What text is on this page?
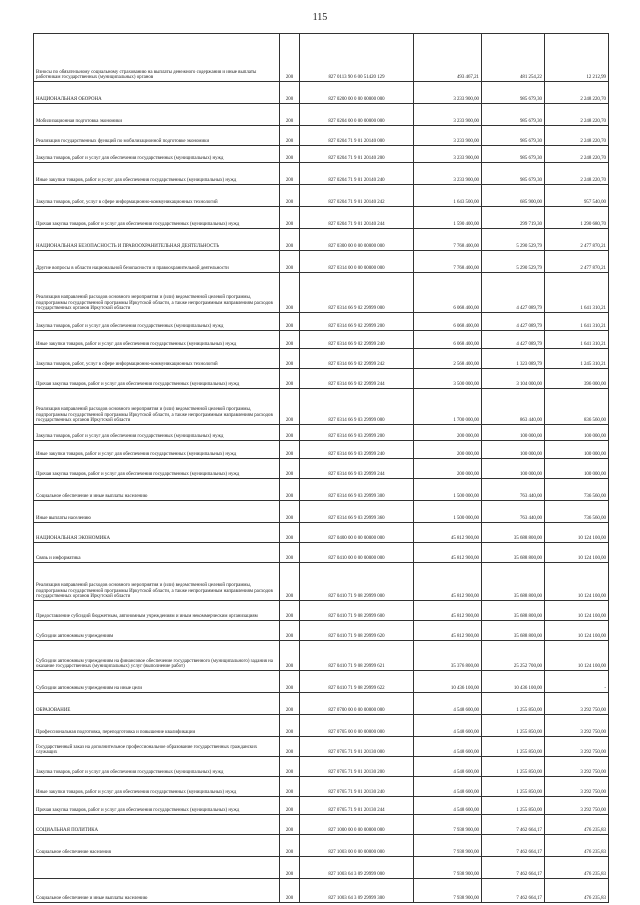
115
Взносы по обязательному социальному страхованию на выплаты денежного содержания и иные выплаты работникам государственных (муниципальных) органов	200	827 0113 90 6 00 51420 129	493 467,21	481 254,22	12 212,99
НАЦИОНАЛЬНАЯ ОБОРОНА	200	827 0200 00 0 00 00000 000	3 233 900,00	985 679,30	2 248 220,70
Мобилизационная подготовка экономики	200	827 0204 00 0 00 00000 000	3 233 900,00	985 679,30	2 248 220,70
Реализация государственных функций по мобилизационной подготовке экономики	200	827 0204 71 9 01 20140 000	3 233 900,00	985 679,30	2 248 220,70
Закупка товаров, работ и услуг для обеспечения государственных (муниципальных) нужд	200	827 0204 71 9 01 20140 200	3 233 900,00	985 679,30	2 248 220,70
Иные закупки товаров, работ и услуг для обеспечения государственных (муниципальных) нужд	200	827 0204 71 9 01 20140 240	3 233 900,00	985 679,30	2 248 220,70
Закупка товаров, работ, услуг в сфере информационно-коммуникационных технологий	200	827 0204 71 9 01 20140 242	1 643 500,00	685 900,00	957 540,00
Прочая закупка товаров, работ и услуг для обеспечения государственных (муниципальных) нужд	200	827 0204 71 9 01 20140 244	1 590 400,00	299 719,30	1 290 680,70
НАЦИОНАЛЬНАЯ БЕЗОПАСНОСТЬ И ПРАВООХРАНИТЕЛЬНАЯ ДЕЯТЕЛЬНОСТЬ	200	827 0300 00 0 00 00000 000	7 768 400,00	5 290 529,79	2 477 870,21
Другие вопросы в области национальной безопасности и правоохранительной деятельности	200	827 0314 00 0 00 00000 000	7 768 400,00	5 290 529,79	2 477 870,21
Реализация направлений расходов основного мероприятия и (или) ведомственной целевой программы, подпрограммы государственной программы Иркутской области, а также непрограммным направлениям расходов государственных органов Иркутской области	200	827 0314 66 9 02 29999 000	6 068 400,00	4 427 089,79	1 641 310,21
Закупка товаров, работ и услуг для обеспечения государственных (муниципальных) нужд	200	827 0314 66 9 02 29999 200	6 068 400,00	4 427 089,79	1 641 310,21
Иные закупки товаров, работ и услуг для обеспечения государственных (муниципальных) нужд	200	827 0314 66 9 02 29999 240	6 068 400,00	4 427 089,79	1 641 310,21
Закупка товаров, работ, услуг в сфере информационно-коммуникационных технологий	200	827 0314 66 9 02 29999 242	2 568 400,00	1 323 089,79	1 245 310,21
Прочая закупка товаров, работ и услуг для обеспечения государственных (муниципальных) нужд	200	827 0314 66 9 02 29999 244	3 500 000,00	3 104 000,00	396 000,00
Реализация направлений расходов основного мероприятия и (или) ведомственной целевой программы, подпрограммы государственной программы Иркутской области, а также непрограммным направлениям расходов государственных органов Иркутской области	200	827 0314 66 9 03 29999 000	1 700 000,00	863 440,00	836 560,00
Закупка товаров, работ и услуг для обеспечения государственных (муниципальных) нужд	200	827 0314 66 9 03 29999 200	200 000,00	100 000,00	100 000,00
Иные закупки товаров, работ и услуг для обеспечения государственных (муниципальных) нужд	200	827 0314 66 9 03 29999 240	200 000,00	100 000,00	100 000,00
Прочая закупка товаров, работ и услуг для обеспечения государственных (муниципальных) нужд	200	827 0314 66 9 03 29999 244	200 000,00	100 000,00	100 000,00
Социальное обеспечение и иные выплаты населению	200	827 0314 66 9 03 29999 300	1 500 000,00	763 440,00	736 560,00
Иные выплаты населению	200	827 0314 66 9 03 29999 360	1 500 000,00	763 440,00	736 560,00
НАЦИОНАЛЬНАЯ ЭКОНОМИКА	200	827 0400 00 0 00 00000 000	45 812 900,00	35 688 800,00	10 124 100,00
Связь и информатика	200	827 0410 00 0 00 00000 000	45 812 900,00	35 688 800,00	10 124 100,00
Реализация направлений расходов основного мероприятия и (или) ведомственной целевой программы, подпрограммы государственной программы Иркутской области, а также непрограммным направлениям расходов государственных органов Иркутской области	200	827 0410 71 9 08 29999 000	45 812 900,00	35 688 800,00	10 124 100,00
Предоставление субсидий бюджетным, автономным учреждениям и иным некоммерческим организациям	200	827 0410 71 9 08 29999 600	45 812 900,00	35 688 800,00	10 124 100,00
Субсидии автономным учреждениям	200	827 0410 71 9 08 29999 620	45 812 900,00	35 688 800,00	10 124 100,00
Субсидии автономным учреждениям на финансовое обеспечение государственного (муниципального) задания на оказание государственных (муниципальных) услуг (выполнение работ)	200	827 0410 71 9 08 29999 621	35 376 800,00	25 252 700,00	10 124 100,00
Субсидии автономным учреждениям на иные цели	200	827 0410 71 9 08 29999 622	10 436 100,00	10 436 100,00	-
ОБРАЗОВАНИЕ	200	827 0700 00 0 00 00000 000	4 548 600,00	1 255 850,00	3 292 750,00
Профессиональная подготовка, переподготовка и повышение квалификации	200	827 0705 00 0 00 00000 000	4 548 600,00	1 255 850,00	3 292 750,00
Государственный заказ на дополнительное профессиональное образование государственных гражданских служащих	200	827 0705 71 9 01 20130 000	4 548 600,00	1 255 850,00	3 292 750,00
Закупка товаров, работ и услуг для обеспечения государственных (муниципальных) нужд	200	827 0705 71 9 01 20130 200	4 548 600,00	1 255 850,00	3 292 750,00
Иные закупки товаров, работ и услуг для обеспечения государственных (муниципальных) нужд	200	827 0705 71 9 01 20130 240	4 548 600,00	1 255 850,00	3 292 750,00
Прочая закупка товаров, работ и услуг для обеспечения государственных (муниципальных) нужд	200	827 0705 71 9 01 20130 244	4 548 600,00	1 255 850,00	3 292 750,00
СОЦИАЛЬНАЯ ПОЛИТИКА	200	827 1000 00 0 00 00000 000	7 938 900,00	7 462 664,17	476 235,83
Социальное обеспечение населения	200	827 1003 00 0 00 00000 000	7 938 900,00	7 462 664,17	476 235,83
	200	827 1003 64 3 09 29999 000	7 938 900,00	7 462 664,17	476 235,83
Социальное обеспечение и иные выплаты населению	200	827 1003 64 3 09 29999 300	7 938 900,00	7 462 664,17	476 235,83
